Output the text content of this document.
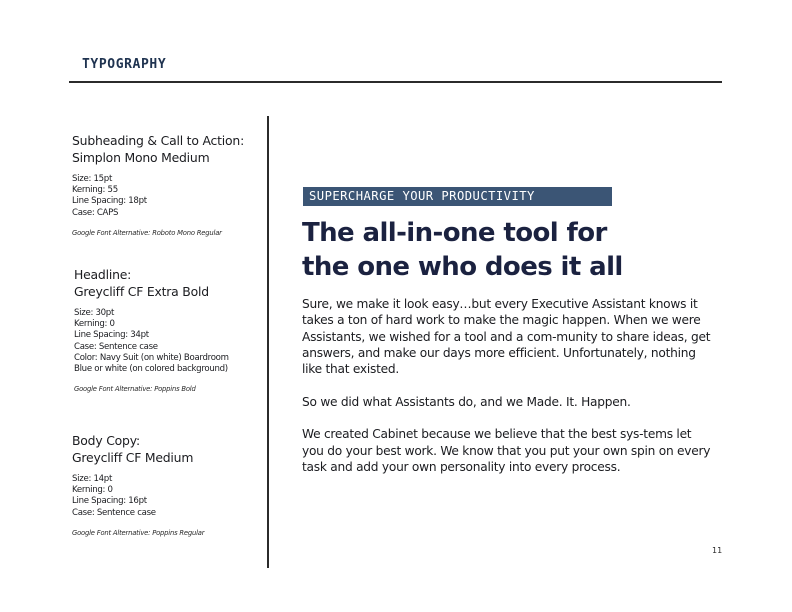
TYPOGRAPHY
Subheading & Call to Action:
Simplon Mono Medium
Size: 15pt
Kerning: 55
Line Spacing: 18pt
Case: CAPS
Google Font Alternative: Roboto Mono Regular
Headline:
Greycliff CF Extra Bold
Size: 30pt
Kerning: 0
Line Spacing: 34pt
Case: Sentence case
Color: Navy Suit (on white) Boardroom
Blue or white (on colored background)
Google Font Alternative: Poppins Bold
Body Copy:
Greycliff CF Medium
Size: 14pt
Kerning: 0
Line Spacing: 16pt
Case: Sentence case
Google Font Alternative: Poppins Regular
SUPERCHARGE YOUR PRODUCTIVITY
The all-in-one tool for
the one who does it all

Sure, we make it look easy…but every Executive Assistant knows it takes a ton of hard work to make the magic happen. When we were Assistants, we wished for a tool and a com-munity to share ideas, get answers, and make our days more efficient. Unfortunately, nothing like that existed.

So we did what Assistants do, and we Made. It. Happen.

We created Cabinet because we believe that the best sys-tems let you do your best work. We know that you put your own spin on every task and add your own personality into every process.

11
